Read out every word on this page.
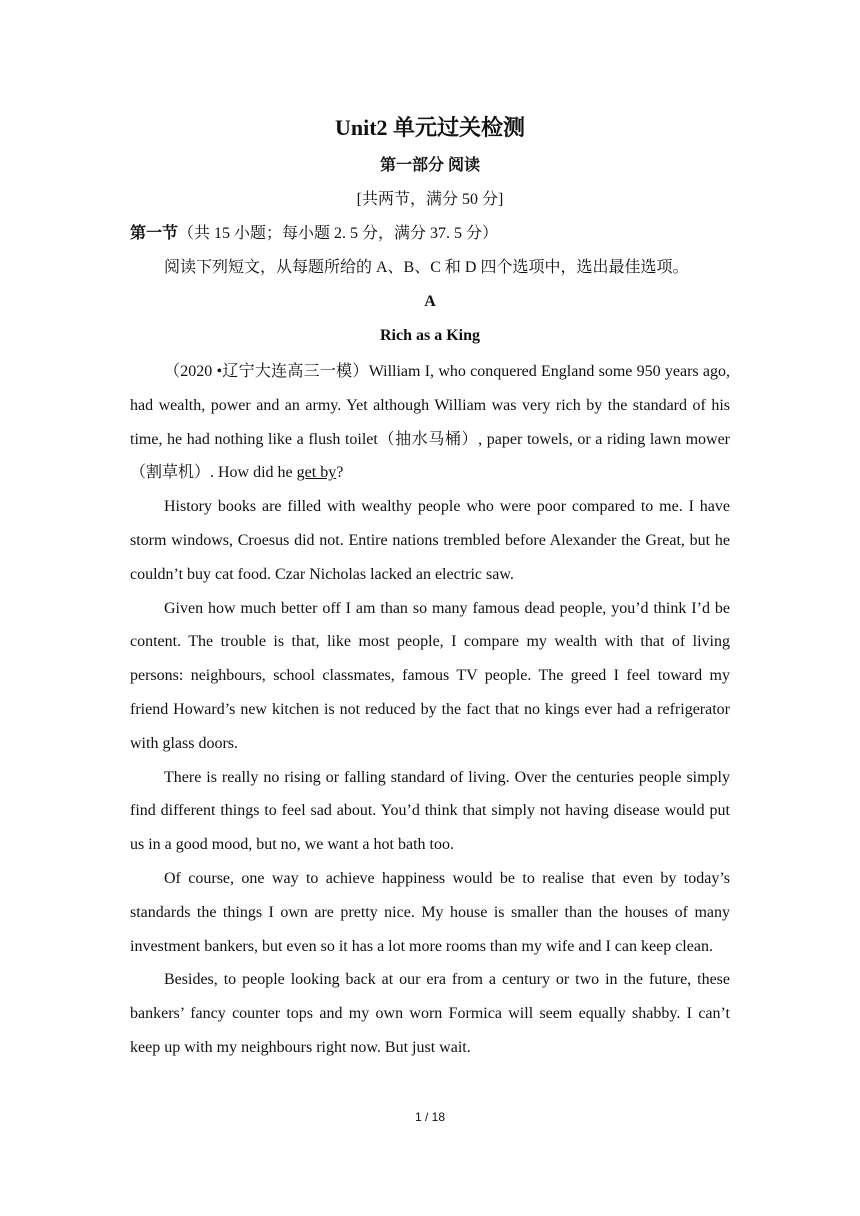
Unit2 单元过关检测
第一部分 阅读
[共两节，满分 50 分]
第一节（共 15 小题；每小题 2. 5 分，满分 37. 5 分）
阅读下列短文，从每题所给的 A、B、C 和 D 四个选项中，选出最佳选项。
A
Rich as a King

（2020 •辽宁大连高三一模）William I, who conquered England some 950 years ago, had wealth, power and an army. Yet although William was very rich by the standard of his time, he had nothing like a flush toilet（抽水马桶）, paper towels, or a riding lawn mower（割草机）. How did he get by?

History books are filled with wealthy people who were poor compared to me. I have storm windows, Croesus did not. Entire nations trembled before Alexander the Great, but he couldn’t buy cat food. Czar Nicholas lacked an electric saw.

Given how much better off I am than so many famous dead people, you’d think I’d be content. The trouble is that, like most people, I compare my wealth with that of living persons: neighbours, school classmates, famous TV people. The greed I feel toward my friend Howard’s new kitchen is not reduced by the fact that no kings ever had a refrigerator with glass doors.

There is really no rising or falling standard of living. Over the centuries people simply find different things to feel sad about. You’d think that simply not having disease would put us in a good mood, but no, we want a hot bath too.

Of course, one way to achieve happiness would be to realise that even by today’s standards the things I own are pretty nice. My house is smaller than the houses of many investment bankers, but even so it has a lot more rooms than my wife and I can keep clean.

Besides, to people looking back at our era from a century or two in the future, these bankers’ fancy counter tops and my own worn Formica will seem equally shabby. I can’t keep up with my neighbours right now. But just wait.

1 / 18
